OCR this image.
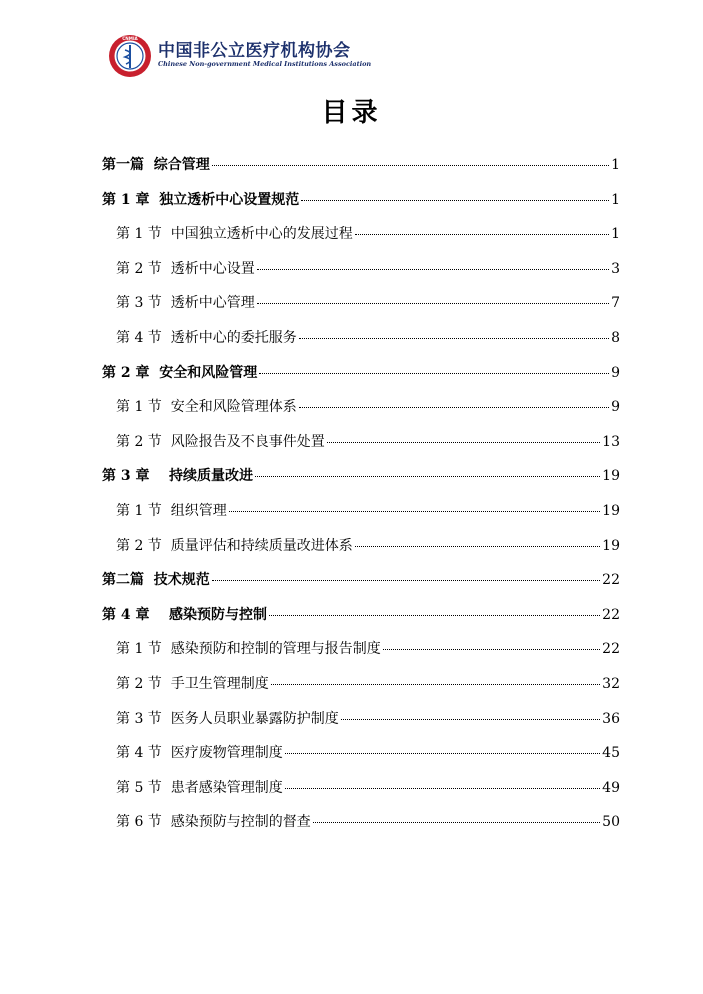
CNMIA
中国非公立医疗机构协会
Chinese Non-government Medical Institutions Association
目录
第一篇  综合管理	1
第 1 章  独立透析中心设置规范	1
第 1 节  中国独立透析中心的发展过程	1
第 2 节  透析中心设置	3
第 3 节  透析中心管理	7
第 4 节  透析中心的委托服务	8
第 2 章  安全和风险管理	9
第 1 节  安全和风险管理体系	9
第 2 节  风险报告及不良事件处置	13
第 3 章    持续质量改进	19
第 1 节  组织管理	19
第 2 节  质量评估和持续质量改进体系	19
第二篇  技术规范	22
第 4 章    感染预防与控制	22
第 1 节  感染预防和控制的管理与报告制度	22
第 2 节  手卫生管理制度	32
第 3 节  医务人员职业暴露防护制度	36
第 4 节  医疗废物管理制度	45
第 5 节  患者感染管理制度	49
第 6 节  感染预防与控制的督查	50
